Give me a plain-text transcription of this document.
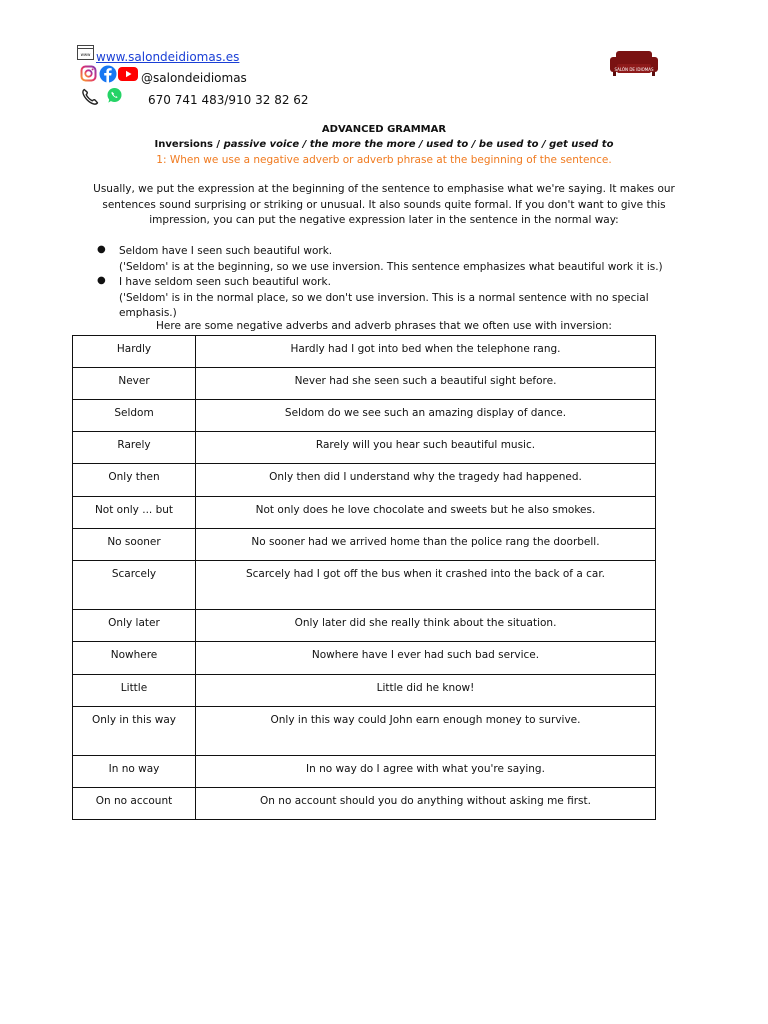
www www.salondeidiomas.es
@salondeidiomas
670 741 483/910 32 82 62
SALÓN DE IDIOMAS
ADVANCED GRAMMAR
Inversions / passive voice / the more the more / used to / be used to / get used to
1: When we use a negative adverb or adverb phrase at the beginning of the sentence.
Usually, we put the expression at the beginning of the sentence to emphasise what we're saying. It makes our sentences sound surprising or striking or unusual. It also sounds quite formal. If you don't want to give this impression, you can put the negative expression later in the sentence in the normal way:
● Seldom have I seen such beautiful work.
('Seldom' is at the beginning, so we use inversion. This sentence emphasizes what beautiful work it is.)
● I have seldom seen such beautiful work.
('Seldom' is in the normal place, so we don't use inversion. This is a normal sentence with no special emphasis.)
Here are some negative adverbs and adverb phrases that we often use with inversion:
Hardly	Hardly had I got into bed when the telephone rang.
Never	Never had she seen such a beautiful sight before.
Seldom	Seldom do we see such an amazing display of dance.
Rarely	Rarely will you hear such beautiful music.
Only then	Only then did I understand why the tragedy had happened.
Not only ... but	Not only does he love chocolate and sweets but he also smokes.
No sooner	No sooner had we arrived home than the police rang the doorbell.
Scarcely	Scarcely had I got off the bus when it crashed into the back of a car.
Only later	Only later did she really think about the situation.
Nowhere	Nowhere have I ever had such bad service.
Little	Little did he know!
Only in this way	Only in this way could John earn enough money to survive.
In no way	In no way do I agree with what you're saying.
On no account	On no account should you do anything without asking me first.
